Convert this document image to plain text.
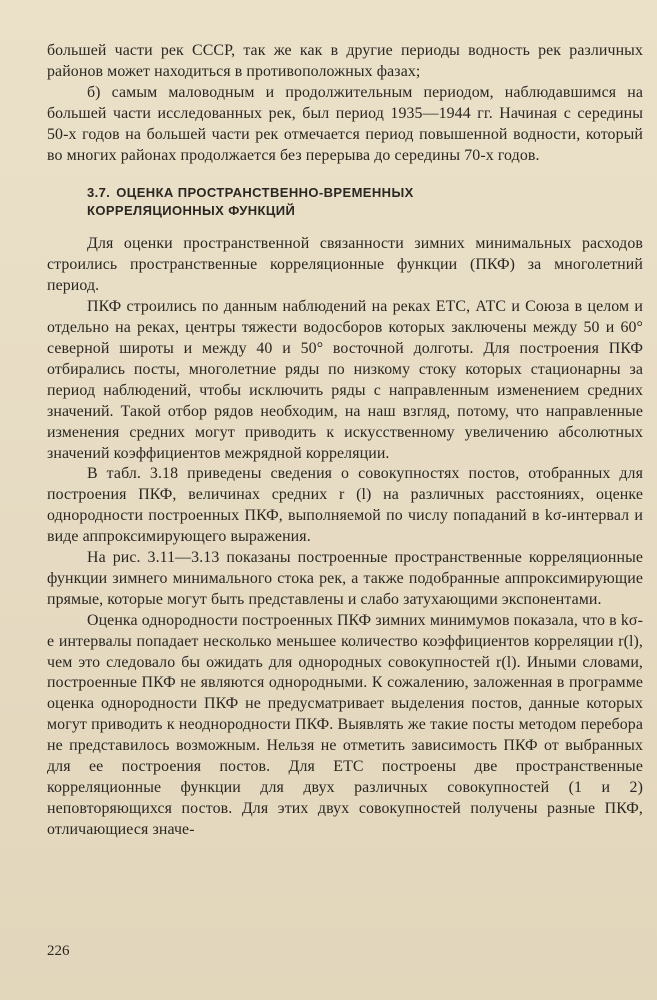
большей части рек СССР, так же как в другие периоды водность рек различных районов может находиться в противоположных фазах;

б) самым маловодным и продолжительным периодом, наблюдавшимся на большей части исследованных рек, был период 1935—1944 гг. Начиная с середины 50-х годов на большей части рек отмечается период повышенной водности, который во многих районах продолжается без перерыва до середины 70-х годов.

3.7. ОЦЕНКА ПРОСТРАНСТВЕННО-ВРЕМЕННЫХ
КОРРЕЛЯЦИОННЫХ ФУНКЦИЙ

Для оценки пространственной связанности зимних минимальных расходов строились пространственные корреляционные функции (ПКФ) за многолетний период.

ПКФ строились по данным наблюдений на реках ЕТС, АТС и Союза в целом и отдельно на реках, центры тяжести водосборов которых заключены между 50 и 60° северной широты и между 40 и 50° восточной долготы. Для построения ПКФ отбирались посты, многолетние ряды по низкому стоку которых стационарны за период наблюдений, чтобы исключить ряды с направленным изменением средних значений. Такой отбор рядов необходим, на наш взгляд, потому, что направленные изменения средних могут приводить к искусственному увеличению абсолютных значений коэффициентов межрядной корреляции.

В табл. 3.18 приведены сведения о совокупностях постов, отобранных для построения ПКФ, величинах средних r (l) на различных расстояниях, оценке однородности построенных ПКФ, выполняемой по числу попаданий в kσ-интервал и виде аппроксимирующего выражения.

На рис. 3.11—3.13 показаны построенные пространственные корреляционные функции зимнего минимального стока рек, а также подобранные аппроксимирующие прямые, которые могут быть представлены и слабо затухающими экспонентами.

Оценка однородности построенных ПКФ зимних минимумов показала, что в kσ-е интервалы попадает несколько меньшее количество коэффициентов корреляции r(l), чем это следовало бы ожидать для однородных совокупностей r(l). Иными словами, построенные ПКФ не являются однородными. К сожалению, заложенная в программе оценка однородности ПКФ не предусматривает выделения постов, данные которых могут приводить к неоднородности ПКФ. Выявлять же такие посты методом перебора не представилось возможным. Нельзя не отметить зависимость ПКФ от выбранных для ее построения постов. Для ЕТС построены две пространственные корреляционные функции для двух различных совокупностей (1 и 2) неповторяющихся постов. Для этих двух совокупностей получены разные ПКФ, отличающиеся значе-

226
